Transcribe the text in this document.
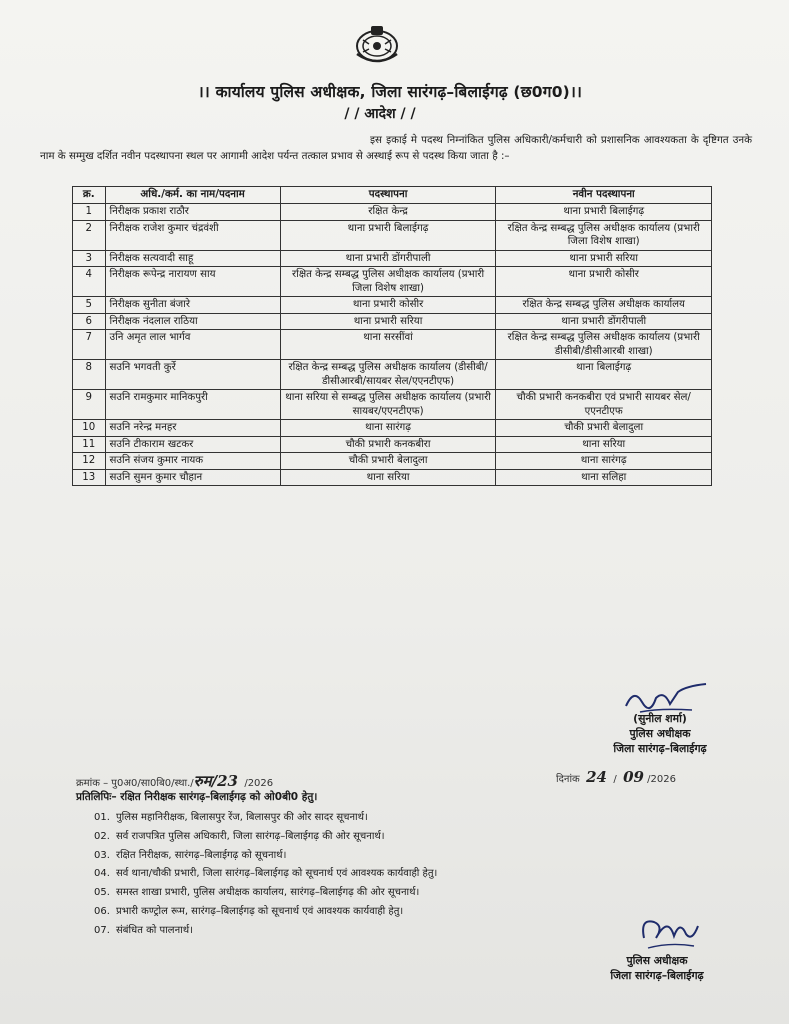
।। कार्यालय पुलिस अधीक्षक, जिला सारंगढ़–बिलाईगढ़ (छ0ग0)।।
/ / आदेश / /

इस इकाई मे पदस्थ निम्नांकित पुलिस अधिकारी/कर्मचारी को प्रशासनिक आवश्यकता के दृष्टिगत उनके नाम के सम्मुख दर्शित नवीन पदस्थापना स्थल पर आगामी आदेश पर्यन्त तत्काल प्रभाव से अस्थाई रूप से पदस्थ किया जाता है :–

क्र.	अधि./कर्म. का नाम/पदनाम	पदस्थापना	नवीन पदस्थापना
1	निरीक्षक प्रकाश राठौर	रक्षित केन्द्र	थाना प्रभारी बिलाईगढ़
2	निरीक्षक राजेश कुमार चंद्रवंशी	थाना प्रभारी बिलाईगढ़	रक्षित केन्द्र सम्बद्ध पुलिस अधीक्षक कार्यालय (प्रभारी जिला विशेष शाखा)
3	निरीक्षक सत्यवादी साहू	थाना प्रभारी डोंगरीपाली	थाना प्रभारी सरिया
4	निरीक्षक रूपेन्द्र नारायण साय	रक्षित केन्द्र सम्बद्ध पुलिस अधीक्षक कार्यालय (प्रभारी जिला विशेष शाखा)	थाना प्रभारी कोसीर
5	निरीक्षक सुनीता बंजारे	थाना प्रभारी कोसीर	रक्षित केन्द्र सम्बद्ध पुलिस अधीक्षक कार्यालय
6	निरीक्षक नंदलाल राठिया	थाना प्रभारी सरिया	थाना प्रभारी डोंगरीपाली
7	उनि अमृत लाल भार्गव	थाना सरसींवां	रक्षित केन्द्र सम्बद्ध पुलिस अधीक्षक कार्यालय (प्रभारी डीसीबी/डीसीआरबी शाखा)
8	सउनि भगवती कुर्रे	रक्षित केन्द्र सम्बद्ध पुलिस अधीक्षक कार्यालय (डीसीबी/डीसीआरबी/सायबर सेल/एएनटीएफ)	थाना बिलाईगढ़
9	सउनि रामकुमार मानिकपुरी	थाना सरिया से सम्बद्ध पुलिस अधीक्षक कार्यालय (प्रभारी सायबर/एएनटीएफ)	चौकी प्रभारी कनकबीरा एवं प्रभारी सायबर सेल/एएनटीएफ
10	सउनि नरेन्द्र मनहर	थाना सारंगढ़	चौकी प्रभारी बेलादुला
11	सउनि टीकाराम खटकर	चौकी प्रभारी कनकबीरा	थाना सरिया
12	सउनि संजय कुमार नायक	चौकी प्रभारी बेलादुला	थाना सारंगढ़
13	सउनि सुमन कुमार चौहान	थाना सरिया	थाना सलिहा
(सुनील शर्मा)
पुलिस अधीक्षक
जिला सारंगढ़–बिलाईगढ़
क्रमांक – पु0अ0/सा0बि0/स्था./रुम/23 /2026	दिनांक 24  /  09 /2026
प्रतिलिपिः– रक्षित निरीक्षक सारंगढ़–बिलाईगढ़ को ओ0बी0 हेतु।
01. पुलिस महानिरीक्षक, बिलासपुर रेंज, बिलासपुर की ओर सादर सूचनार्थ।
02. सर्व राजपत्रित पुलिस अधिकारी, जिला सारंगढ़–बिलाईगढ़ की ओर सूचनार्थ।
03. रक्षित निरीक्षक, सारंगढ़–बिलाईगढ़ को सूचनार्थ।
04. सर्व थाना/चौकी प्रभारी, जिला सारंगढ़–बिलाईगढ़ को सूचनार्थ एवं आवश्यक कार्यवाही हेतु।
05. समस्त शाखा प्रभारी, पुलिस अधीक्षक कार्यालय, सारंगढ़–बिलाईगढ़ की ओर सूचनार्थ।
06. प्रभारी कण्ट्रोल रूम, सारंगढ़–बिलाईगढ़ को सूचनार्थ एवं आवश्यक कार्यवाही हेतु।
07. संबंधित को पालनार्थ।
पुलिस अधीक्षक
जिला सारंगढ़–बिलाईगढ़
